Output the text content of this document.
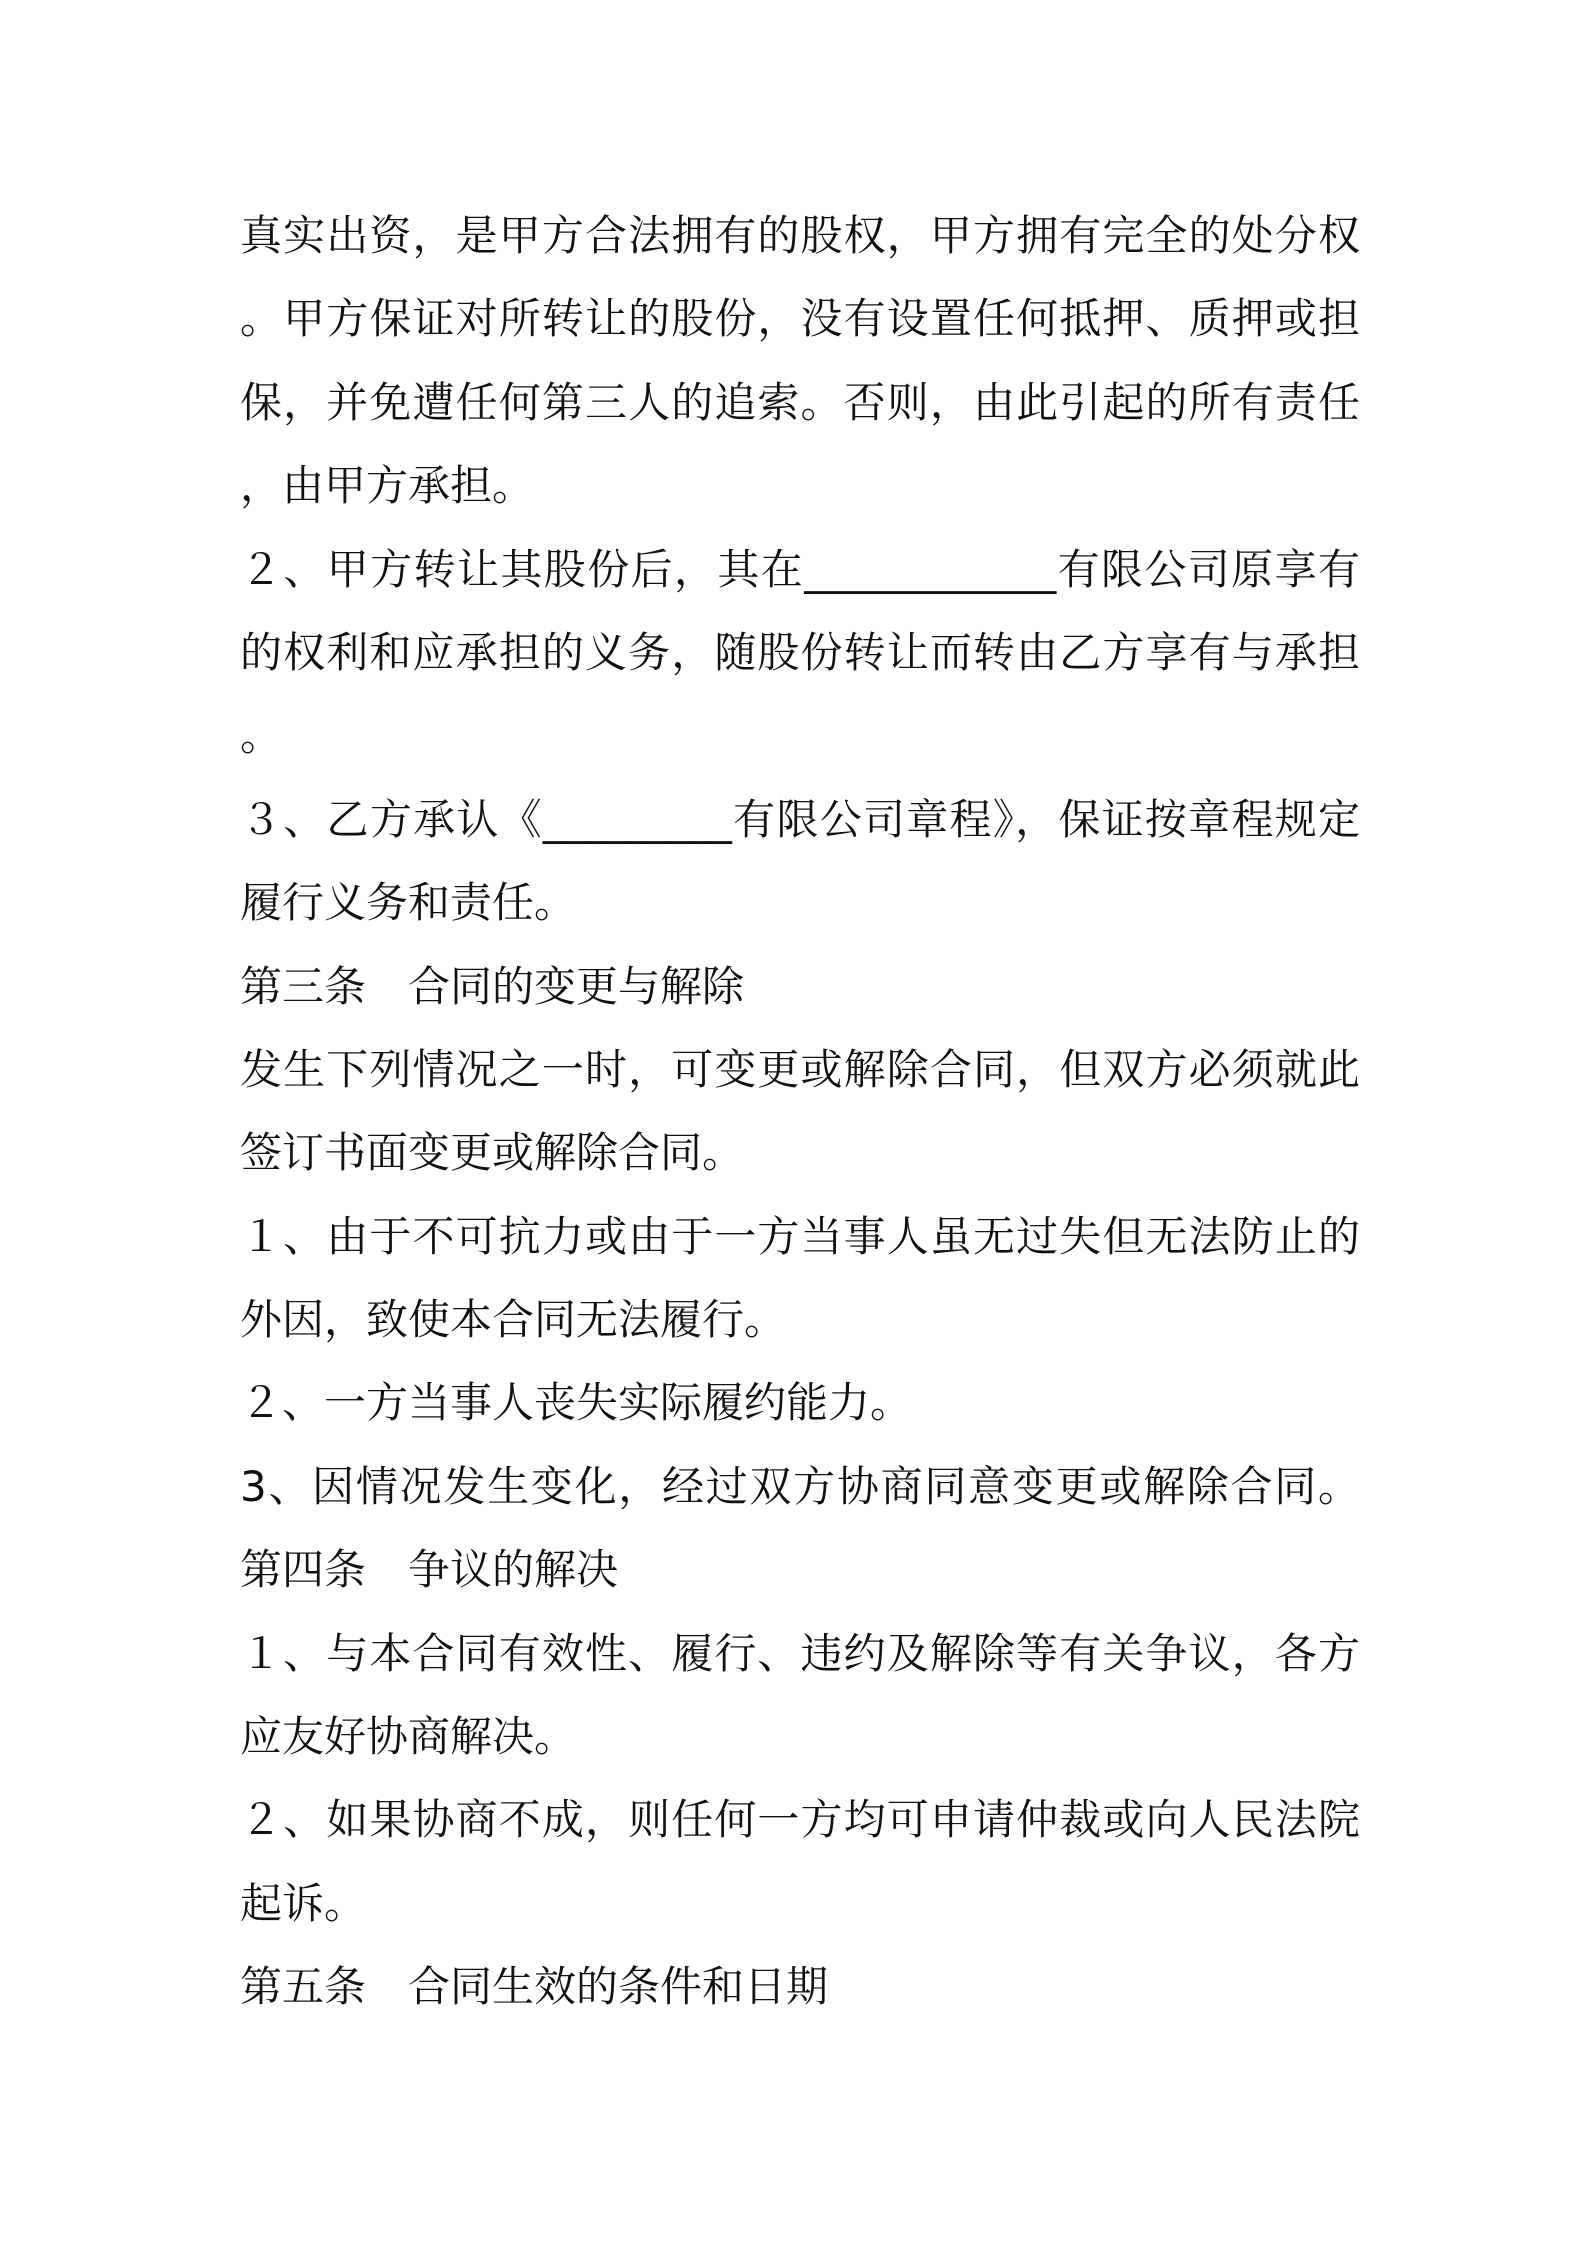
真实出资，是甲方合法拥有的股权，甲方拥有完全的处分权
。甲方保证对所转让的股份，没有设置任何抵押、质押或担
保，并免遭任何第三人的追索。否则，由此引起的所有责任
，由甲方承担。
２、甲方转让其股份后，其在____________有限公司原享有
的权利和应承担的义务，随股份转让而转由乙方享有与承担
。
３、乙方承认《_________有限公司章程》，保证按章程规定
履行义务和责任。
第三条 合同的变更与解除
发生下列情况之一时，可变更或解除合同，但双方必须就此
签订书面变更或解除合同。
１、由于不可抗力或由于一方当事人虽无过失但无法防止的
外因，致使本合同无法履行。
２、一方当事人丧失实际履约能力。
3、因情况发生变化，经过双方协商同意变更或解除合同。
第四条 争议的解决
１、与本合同有效性、履行、违约及解除等有关争议，各方
应友好协商解决。
２、如果协商不成，则任何一方均可申请仲裁或向人民法院
起诉。
第五条 合同生效的条件和日期
